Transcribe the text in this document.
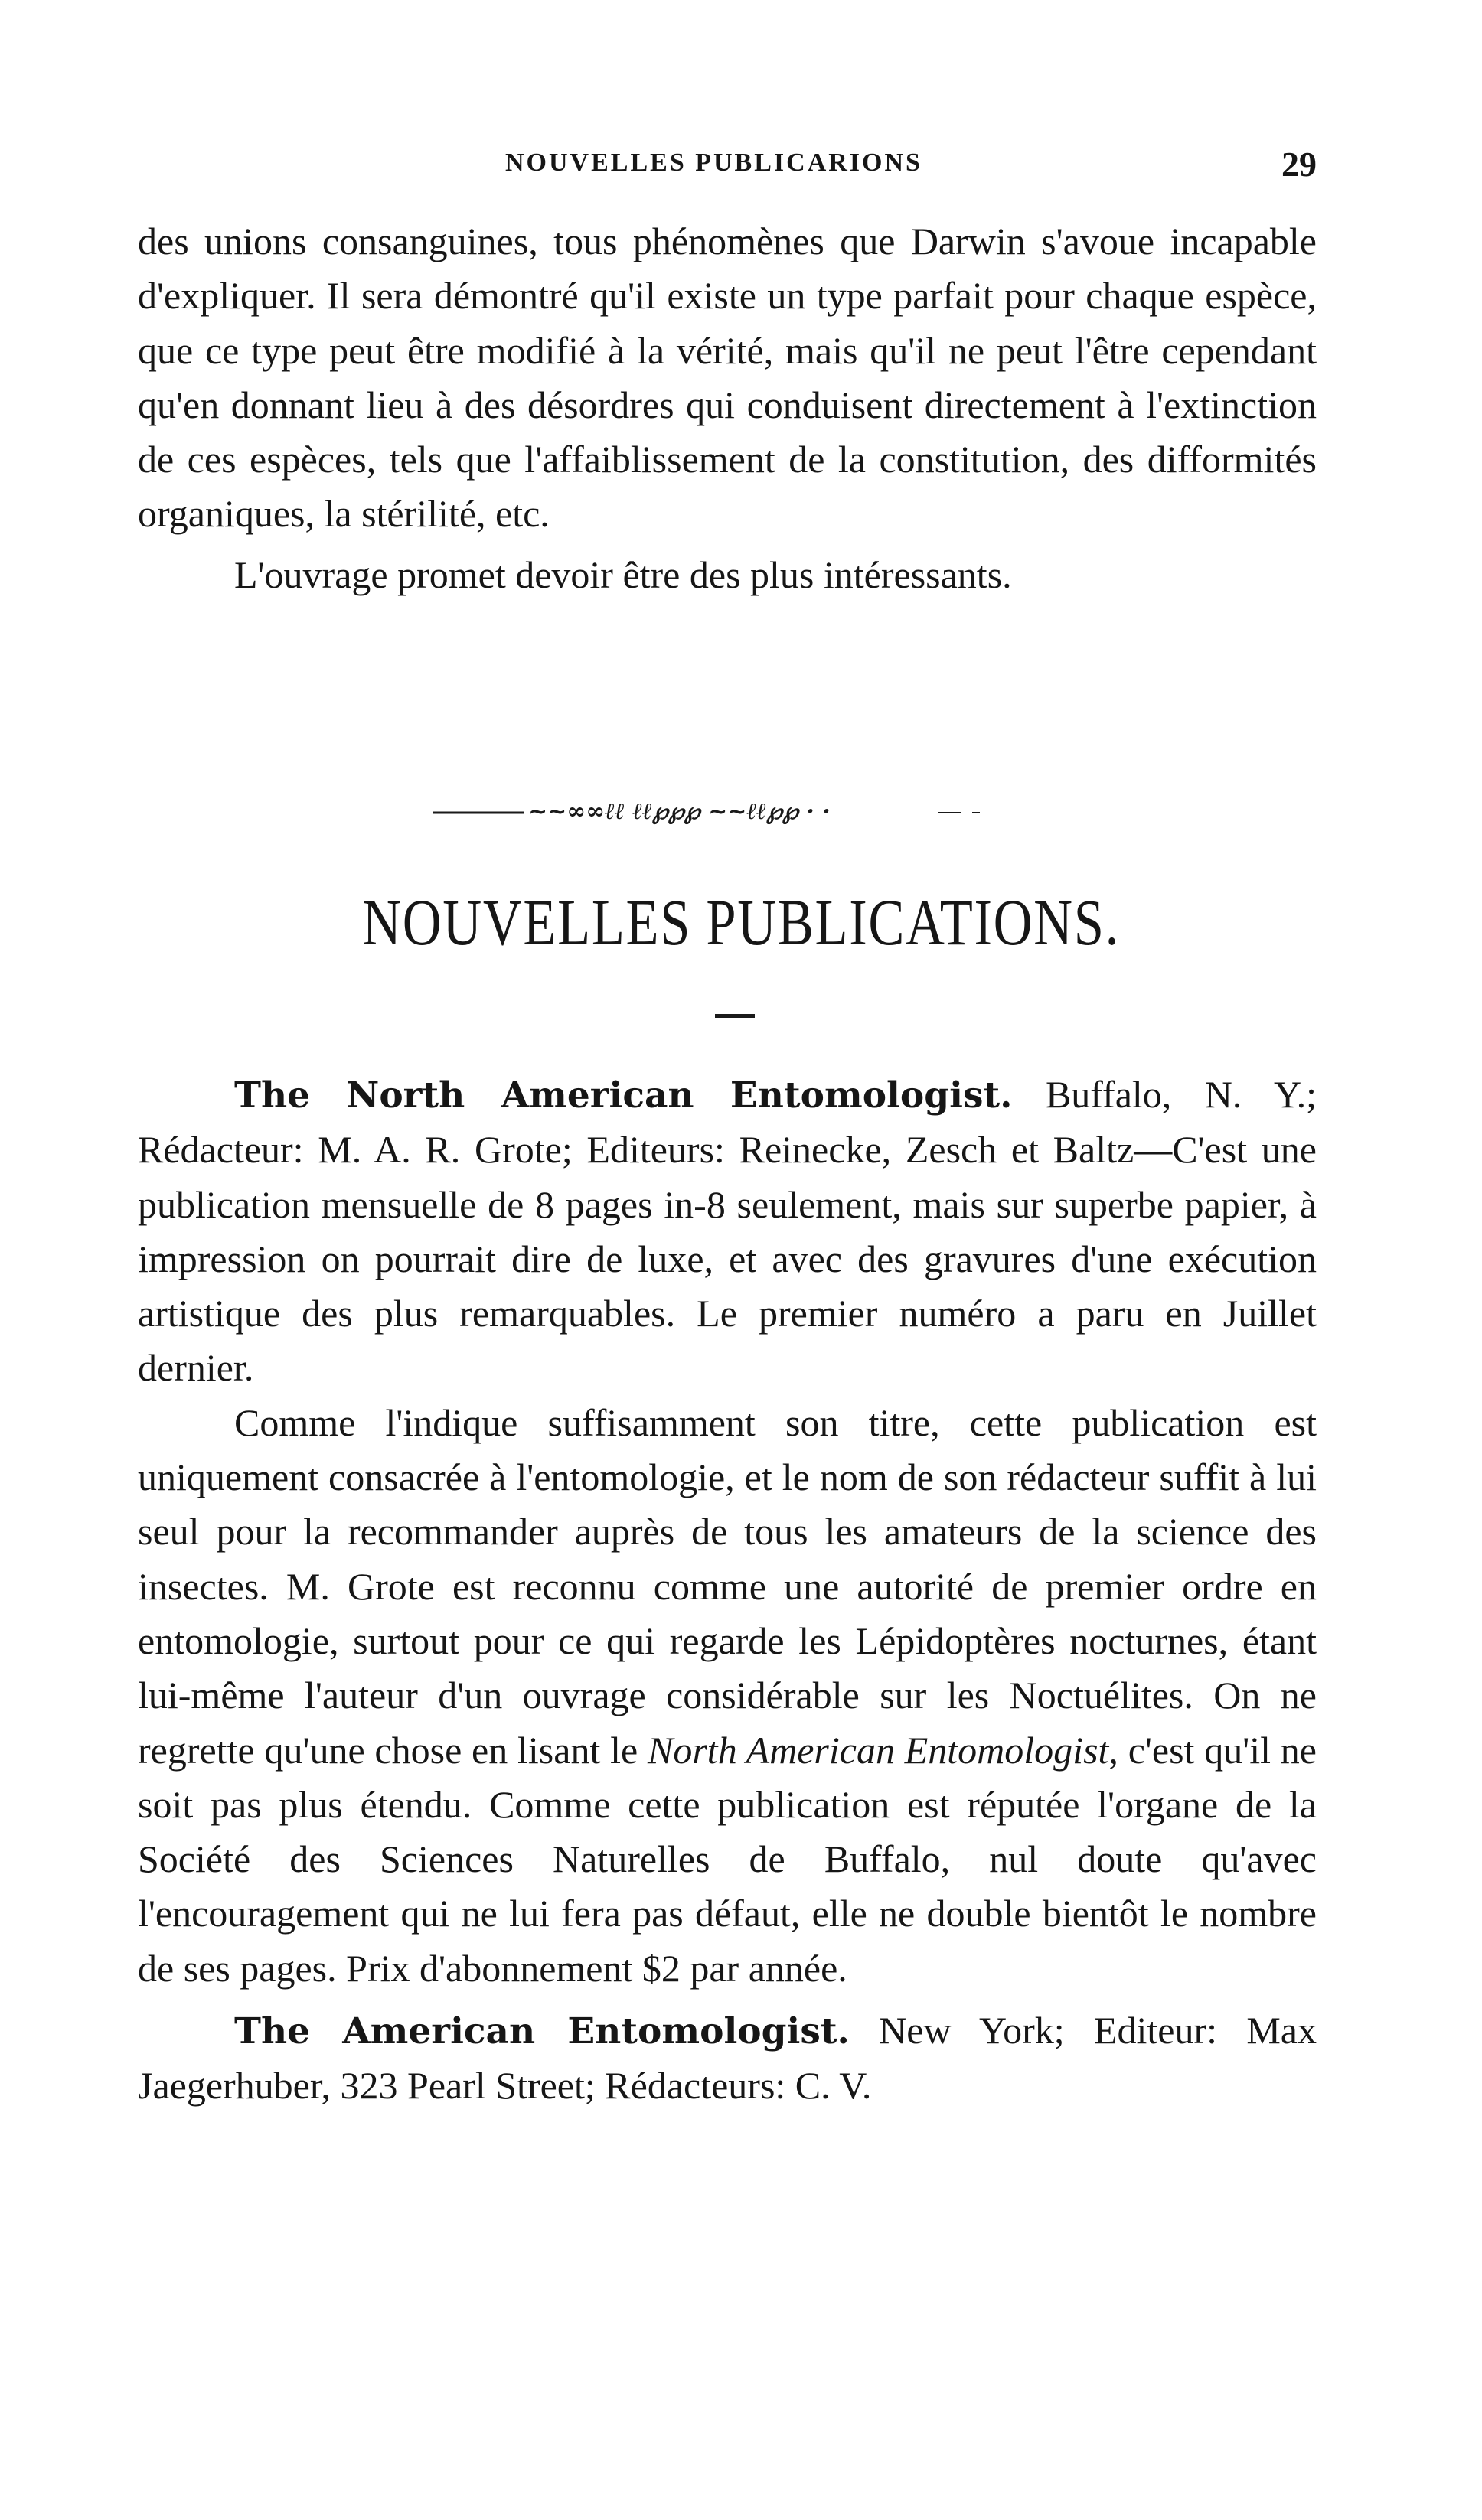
NOUVELLES PUBLICARIONS	29

des unions consanguines, tous phénomènes que Darwin s'avoue incapable d'expliquer. Il sera démontré qu'il existe un type parfait pour chaque espèce, que ce type peut être modifié à la vérité, mais qu'il ne peut l'être cependant qu'en donnant lieu à des désordres qui conduisent directement à l'extinction de ces espèces, tels que l'affaiblissement de la constitution, des difformités organiques, la stérilité, etc.

L'ouvrage promet devoir être des plus intéressants.

~~∞∞ℓℓ ℓℓ℘℘℘ ~~ℓℓ℘℘ · ·
NOUVELLES PUBLICATIONS.

The North American Entomologist. Buffalo, N. Y.; Rédacteur: M. A. R. Grote; Editeurs: Reinecke, Zesch et Baltz—C'est une publication mensuelle de 8 pages in-8 seulement, mais sur superbe papier, à impression on pourrait dire de luxe, et avec des gravures d'une exécution artistique des plus remarquables. Le premier numéro a paru en Juillet dernier.

Comme l'indique suffisamment son titre, cette publication est uniquement consacrée à l'entomologie, et le nom de son rédacteur suffit à lui seul pour la recommander auprès de tous les amateurs de la science des insectes. M. Grote est reconnu comme une autorité de premier ordre en entomologie, surtout pour ce qui regarde les Lépidoptères nocturnes, étant lui-même l'auteur d'un ouvrage considérable sur les Noctuélites. On ne regrette qu'une chose en lisant le North American Entomologist, c'est qu'il ne soit pas plus étendu. Comme cette publication est réputée l'organe de la Société des Sciences Naturelles de Buffalo, nul doute qu'avec l'encouragement qui ne lui fera pas défaut, elle ne double bientôt le nombre de ses pages. Prix d'abonnement $2 par année.

The American Entomologist. New York; Editeur: Max Jaegerhuber, 323 Pearl Street; Rédacteurs: C. V.
